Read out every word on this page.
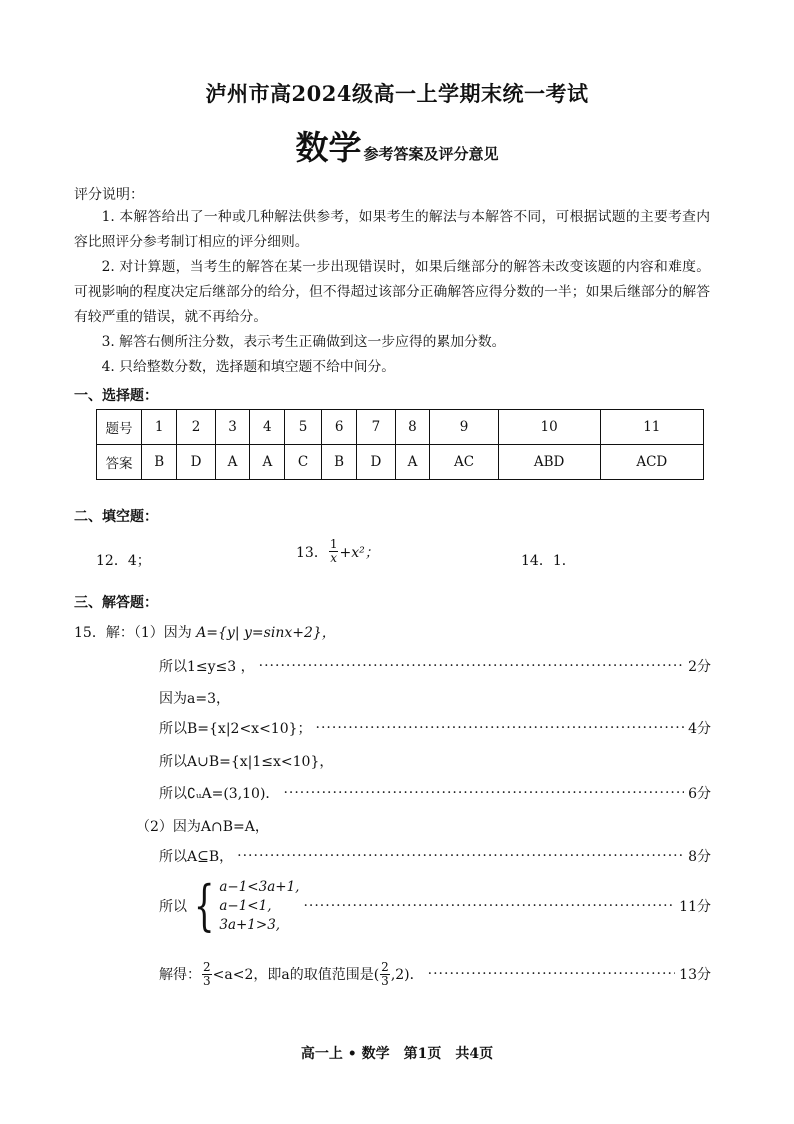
泸州市高2024级高一上学期末统一考试
数学 参考答案及评分意见
评分说明：
1. 本解答给出了一种或几种解法供参考，如果考生的解法与本解答不同，可根据试题的主要考查内容比照评分参考制订相应的评分细则。
2. 对计算题，当考生的解答在某一步出现错误时，如果后继部分的解答未改变该题的内容和难度。可视影响的程度决定后继部分的给分，但不得超过该部分正确解答应得分数的一半；如果后继部分的解答有较严重的错误，就不再给分。
3. 解答右侧所注分数，表示考生正确做到这一步应得的累加分数。
4. 只给整数分数，选择题和填空题不给中间分。
一、选择题：
题号	1	2	3	4	5	6	7	8	9	10	11
答案	B	D	A	A	C	B	D	A	AC	ABD	ACD
二、填空题：
12．4；
13． $\frac{1}{x} +x^2$；
14．1．
三、解答题：
15．解：（1）因为 A={y| y=sinx+2}，
所以1≤y≤3 ， ·····	2分
因为a=3，
所以B={x|2<x<10}； ·····	4分
所以A∪B={x|1≤x<10}，
所以∁ᵤA=(3,10)． ·····	6分
（2）因为A∩B=A，
所以A⊆B， ·····	8分
所以 { a−1<3a+1,
a−1<1,
3a+1>3,
·····
11分
解得： $\frac{2}{3} <a<2$，即a的取值范围是( $\frac{2}{3} ,2$)． ·····	13分
高一上 • 数学　第1页　共4页
